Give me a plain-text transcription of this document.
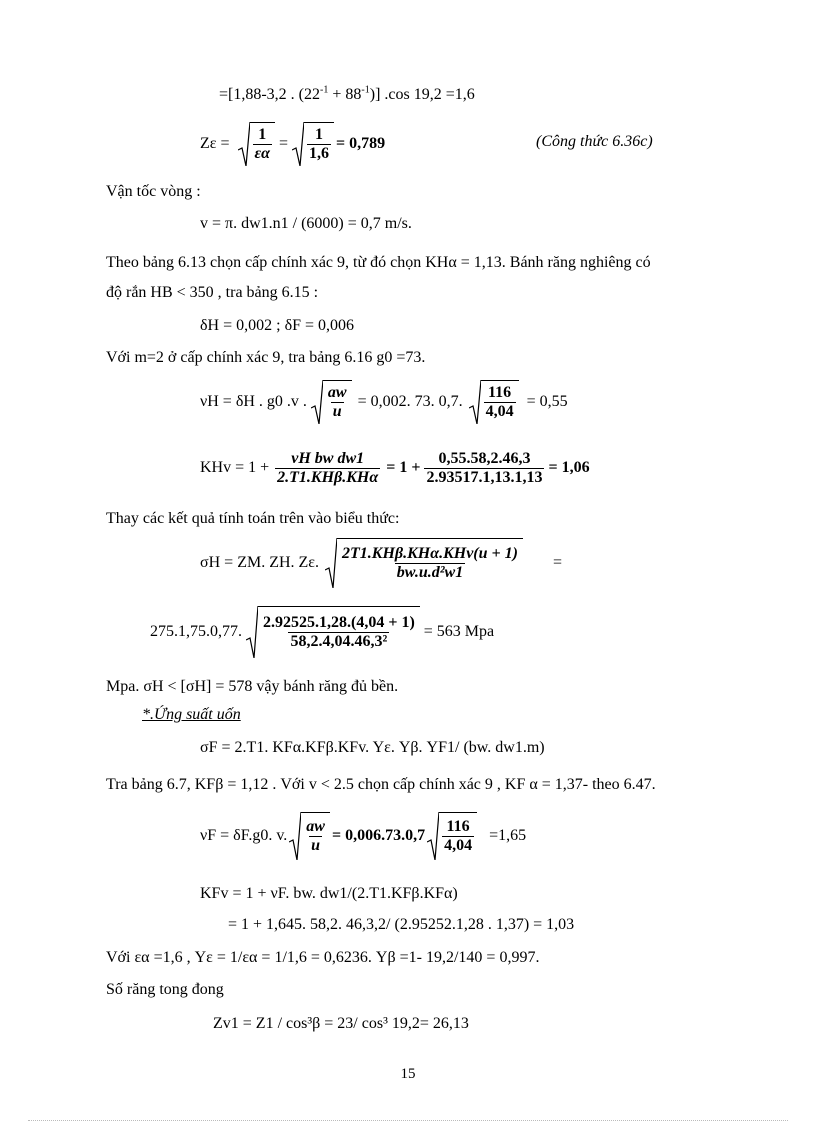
=[1,88-3,2 . $(22^{-1} + 88^{-1})$] .cos 19,2 =1,6
$Z\varepsilon = \frac{1}{\varepsilon\alpha} = \frac{1}{1,6} = 0,789$	(Công thức 6.36c)
Vận tốc vòng :
v = π. dw1.n1 / (6000) = 0,7 m/s.
Theo bảng 6.13 chọn cấp chính xác 9, từ đó chọn KHα = 1,13. Bánh răng nghiêng có
độ rắn HB < 350 , tra bảng 6.15 :
δH = 0,002 ; δF = 0,006
Với m=2 ở cấp chính xác 9, tra bảng 6.16 g0 =73.
νH = δH . g0 .v . $\frac{aw}{u} = 0,002$. 73. 0,7. $\frac{116}{4,04} = 0,55$
KHv = $1 + \frac{\text{νH bw dw1}}{\text{2.T1.KHβ.KHα}} = 1 + \frac{0,55.58,2.46,3}{2.93517.1,13.1,13} = 1,06$
Thay các kết quả tính toán trên vào biểu thức:
σH = ZM. ZH. Zε. $\frac{\text{2T1.KHβ.KHα.KHv(u + 1)}}{\text{bw.u.d²w1}}$ =
275.1,75.0,77. $\frac{2.92525.1,28.(4,04 + 1)}{\text{58,2.4,04.46,3²}} = 563$ Mpa
Mpa. σH < [σH] = 578 vậy bánh răng đủ bền.
*.Ứng suất uốn
σF = 2.T1. KFα.KFβ.KFv. Yε. Yβ. YF1/ (bw. dw1.m)
Tra bảng 6.7, KFβ = 1,12 . Với v < 2.5 chọn cấp chính xác 9 , KF α = 1,37- theo 6.47.
νF = δF.g0. v. $\frac{aw}{u} = 0,006.73.0,7 \frac{116}{4,04} =1,65$
KFv = 1 + νF. bw. dw1/(2.T1.KFβ.KFα)
= 1 + 1,645. 58,2. 46,3,2/ (2.95252.1,28 . 1,37) = 1,03
Với εα =1,6 , Yε = 1/εα = 1/1,6 = 0,6236. Yβ =1- 19,2/140 = 0,997.
Số răng tong đong
Zv1 = Z1 / cos³β = 23/ cos³ 19,2= 26,13
15
